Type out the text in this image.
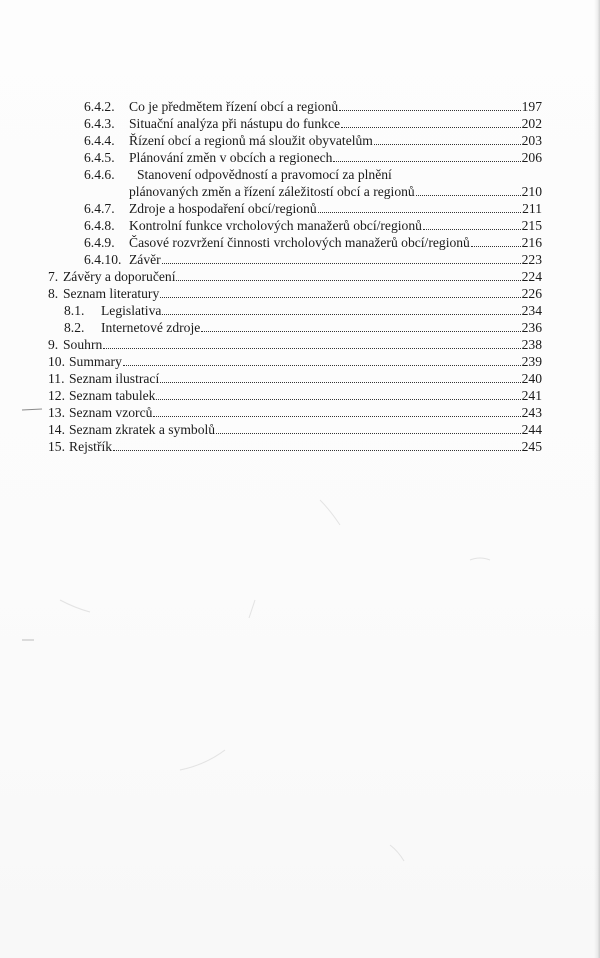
6.4.2.	Co je předmětem řízení obcí a regionů	197
6.4.3.	Situační analýza při nástupu do funkce	202
6.4.4.	Řízení obcí a regionů má sloužit obyvatelům	203
6.4.5.	Plánování změn v obcích a regionech	206
6.4.6.	Stanovení odpovědností a pravomocí za plnění
plánovaných změn a řízení záležitostí obcí a regionů	210
6.4.7.	Zdroje a hospodaření obcí/regionů	211
6.4.8.	Kontrolní funkce vrcholových manažerů obcí/regionů	215
6.4.9.	Časové rozvržení činnosti vrcholových manažerů obcí/regionů	216
6.4.10. Závěr	223
7. Závěry a doporučení	224
8. Seznam literatury	226
8.1.	Legislativa	234
8.2.	Internetové zdroje	236
9. Souhrn	238
10. Summary	239
11. Seznam ilustrací	240
12. Seznam tabulek	241
13. Seznam vzorců	243
14. Seznam zkratek a symbolů	244
15. Rejstřík	245
